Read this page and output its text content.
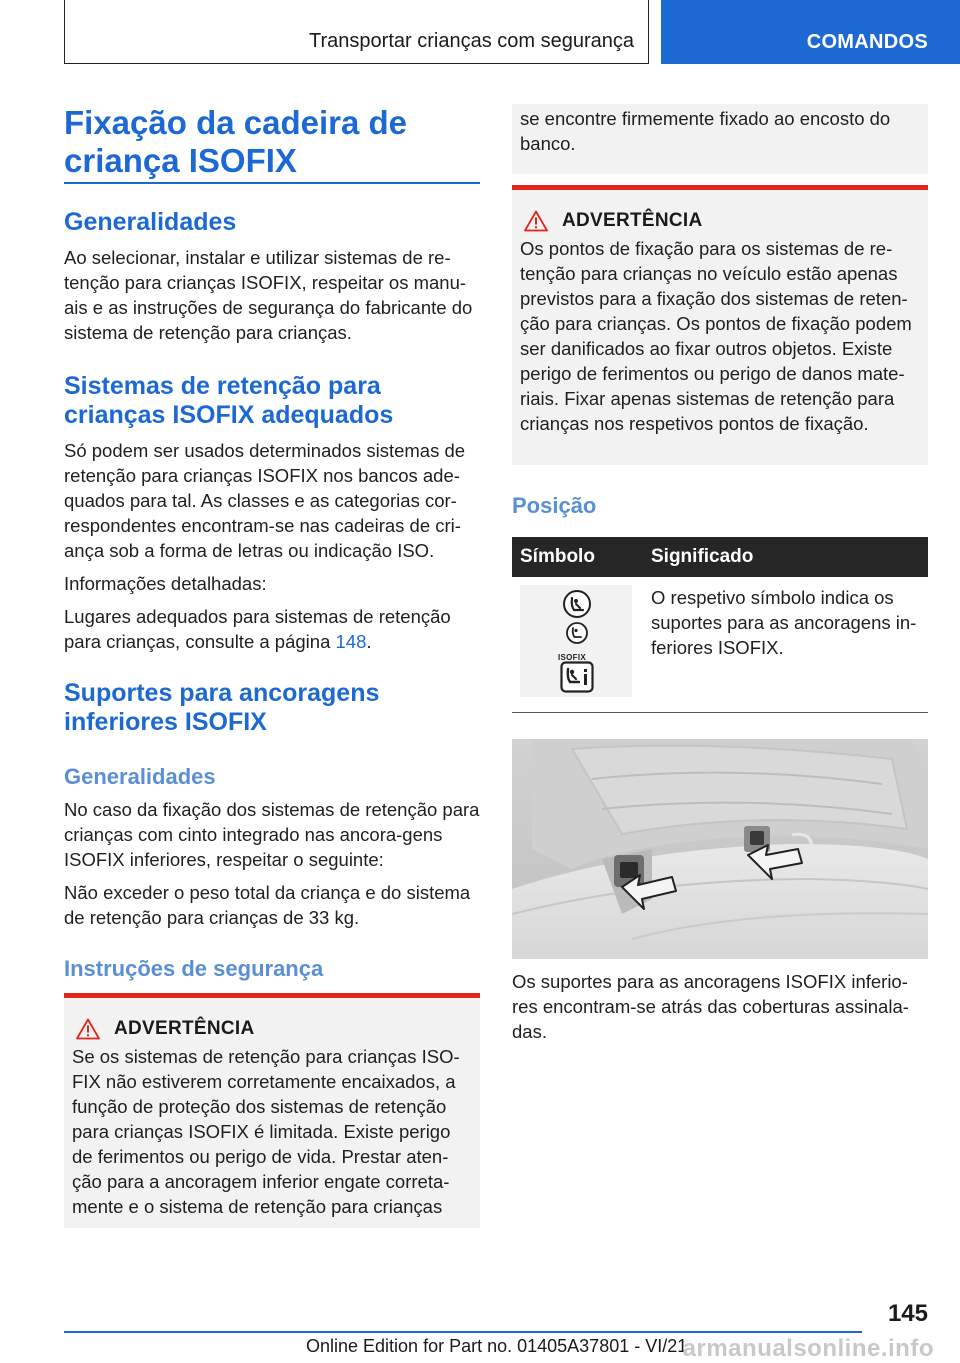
Transportar crianças com segurança	COMANDOS
Fixação da cadeira de criança ISOFIX
Generalidades

Ao selecionar, instalar e utilizar sistemas de re-tenção para crianças ISOFIX, respeitar os manu-ais e as instruções de segurança do fabricante do sistema de retenção para crianças.

Sistemas de retenção para crianças ISOFIX adequados

Só podem ser usados determinados sistemas de retenção para crianças ISOFIX nos bancos ade-quados para tal. As classes e as categorias cor-respondentes encontram-se nas cadeiras de cri-ança sob a forma de letras ou indicação ISO.

Informações detalhadas:

Lugares adequados para sistemas de retenção para crianças, consulte a página 148.

Suportes para ancoragens inferiores ISOFIX
Generalidades

No caso da fixação dos sistemas de retenção para crianças com cinto integrado nas ancora-gens ISOFIX inferiores, respeitar o seguinte:

Não exceder o peso total da criança e do sistema de retenção para crianças de 33 kg.

Instruções de segurança
ADVERTÊNCIA

Se os sistemas de retenção para crianças ISO-FIX não estiverem corretamente encaixados, a função de proteção dos sistemas de retenção para crianças ISOFIX é limitada. Existe perigo de ferimentos ou perigo de vida. Prestar aten-ção para a ancoragem inferior engate correta-mente e o sistema de retenção para crianças

se encontre firmemente fixado ao encosto do banco.

ADVERTÊNCIA

Os pontos de fixação para os sistemas de re-tenção para crianças no veículo estão apenas previstos para a fixação dos sistemas de reten-ção para crianças. Os pontos de fixação podem ser danificados ao fixar outros objetos. Existe perigo de ferimentos ou perigo de danos mate-riais. Fixar apenas sistemas de retenção para crianças nos respetivos pontos de fixação.

Posição
Símbolo	Significado

ISOFIX	O respetivo símbolo indica os suportes para as ancoragens in-feriores ISOFIX.

Os suportes para as ancoragens ISOFIX inferio-res encontram-se atrás das coberturas assinala-das.

145
Online Edition for Part no. 01405A37801 - VI/21
armanualsonline.info
